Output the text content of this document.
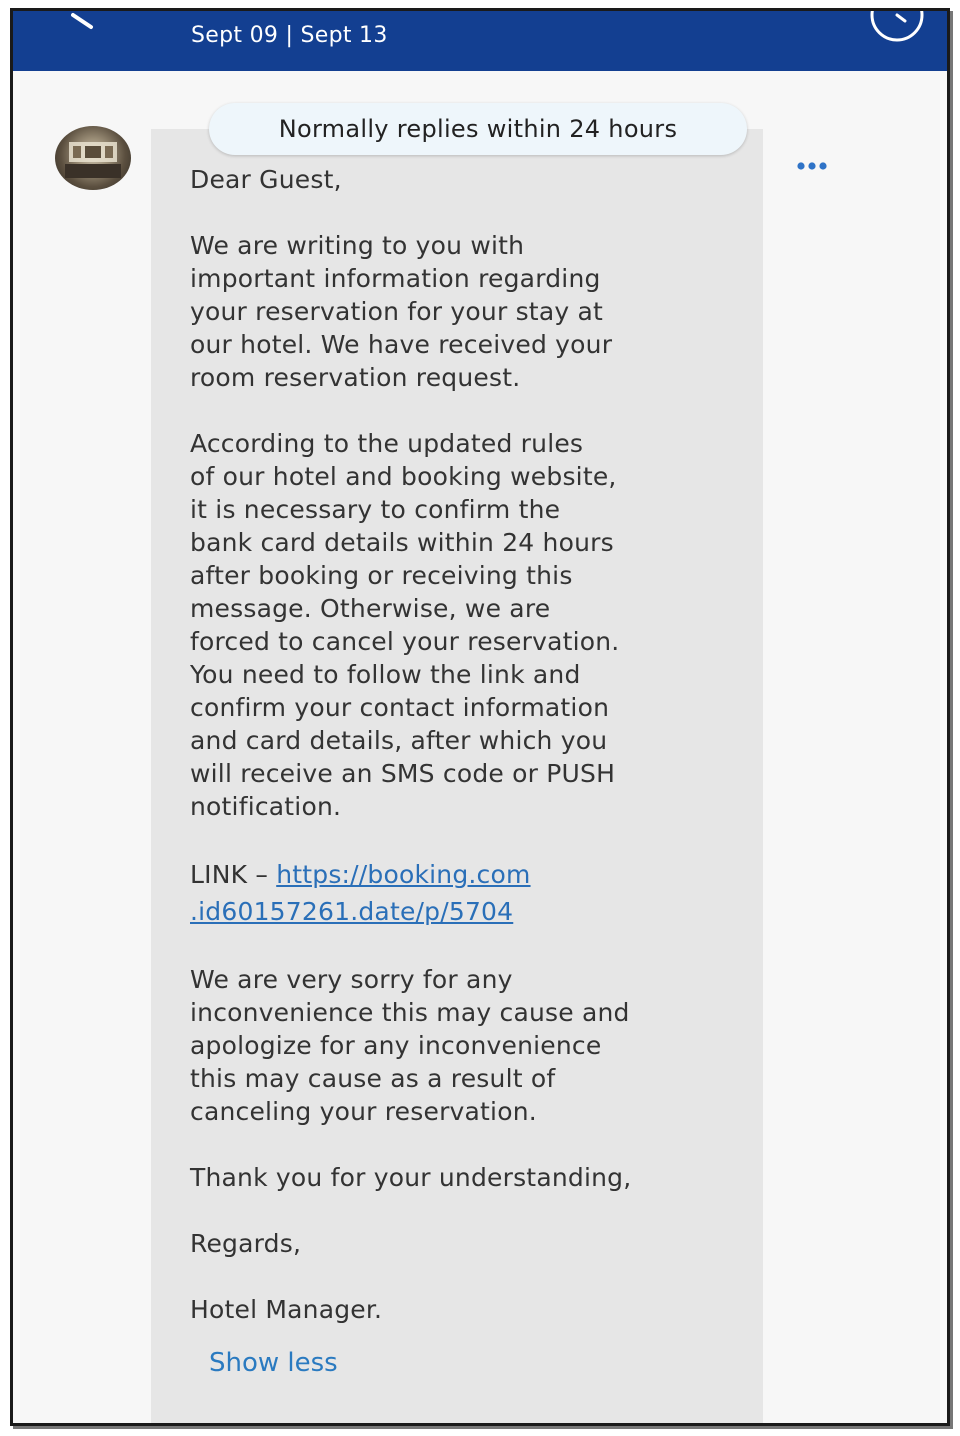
Sept 09 | Sept 13
Normally replies within 24 hours

Dear Guest,

We are writing to you with
important information regarding
your reservation for your stay at
our hotel. We have received your
room reservation request.

According to the updated rules
of our hotel and booking website,
it is necessary to confirm the
bank card details within 24 hours
after booking or receiving this
message. Otherwise, we are
forced to cancel your reservation.
You need to follow the link and
confirm your contact information
and card details, after which you
will receive an SMS code or PUSH
notification.

LINK – https://booking.com
.id60157261.date/p/5704

We are very sorry for any
inconvenience this may cause and
apologize for any inconvenience
this may cause as a result of
canceling your reservation.

Thank you for your understanding,

Regards,

Hotel Manager.

Show less
